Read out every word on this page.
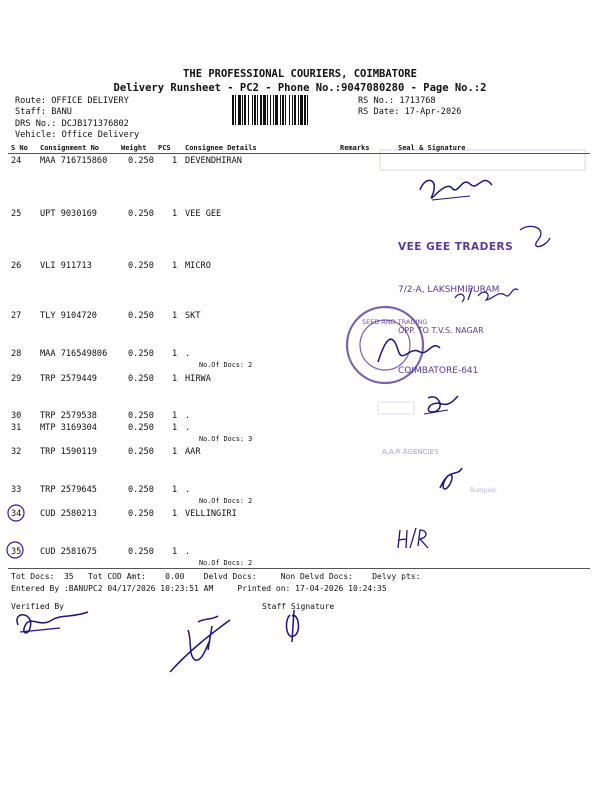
THE PROFESSIONAL COURIERS, COIMBATORE
Delivery Runsheet - PC2 - Phone No.:9047080280 - Page No.:2
Route: OFFICE DELIVERY
Staff: BANU
DRS No.: DCJB171376802
Vehicle: Office Delivery
RS No.: 1713768
RS Date: 17-Apr-2026
S No Consignment No	Weight PCS Consignee Details	Remarks	Seal & Signature
24 MAA 716715860 0.250 1 DEVENDHIRAN
25 UPT 9030169	0.250 1 VEE GEE
26 VLI 911713	0.250 1 MICRO
27 TLY 9104720	0.250 1 SKT
28 MAA 716549806 0.250 1 .
No.Of Docs: 2
29 TRP 2579449	0.250 1 HIRWA
30 TRP 2579538	0.250 1 .
31 MTP 3169304	0.250 1 .
No.Of Docs: 3
32 TRP 1590119	0.250 1 AAR
33 TRP 2579645	0.250 1 .
No.Of Docs: 2
34 CUD 2580213	0.250 1 VELLINGIRI
35 CUD 2581675	0.250 1 .
No.Of Docs: 2
Bumpod-

VEE GEE TRADERS

7/2-A, LAKSHMIPURAM

OPP. TO T.V.S. NAGAR

COIMBATORE-641

SEED AND TRADING
A.A.R AGENCIES
Tot Docs:  35   Tot COD Amt:    0.00    Delvd Docs:     Non Delvd Docs:    Delvy pts:
Entered By :BANUPC2 04/17/2026 10:23:51 AM     Printed on: 17-04-2026 10:24:35
Verified By	Staff Signature
